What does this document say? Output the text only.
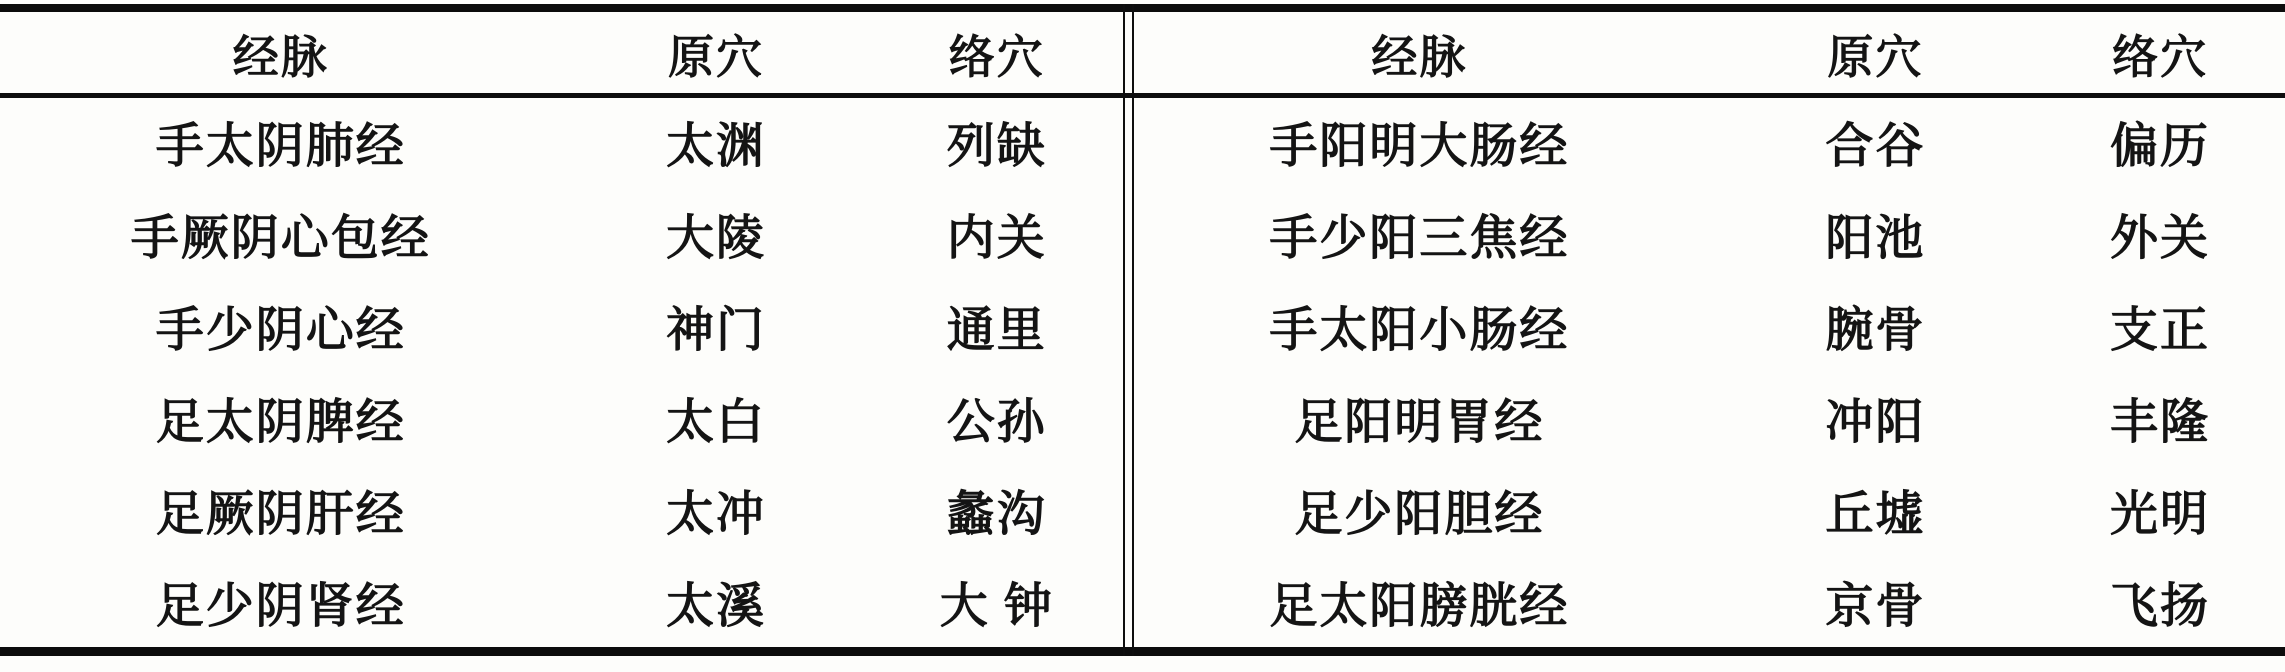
经脉	原穴	络穴
手太阴肺经	太渊	列缺
手厥阴心包经	大陵	内关
手少阴心经	神门	通里
足太阴脾经	太白	公孙
足厥阴肝经	太冲	蠡沟
足少阴肾经	太溪	大 钟
经脉	原穴	络穴
手阳明大肠经	合谷	偏历
手少阳三焦经	阳池	外关
手太阳小肠经	腕骨	支正
足阳明胃经	冲阳	丰隆
足少阳胆经	丘墟	光明
足太阳膀胱经	京骨	飞扬
